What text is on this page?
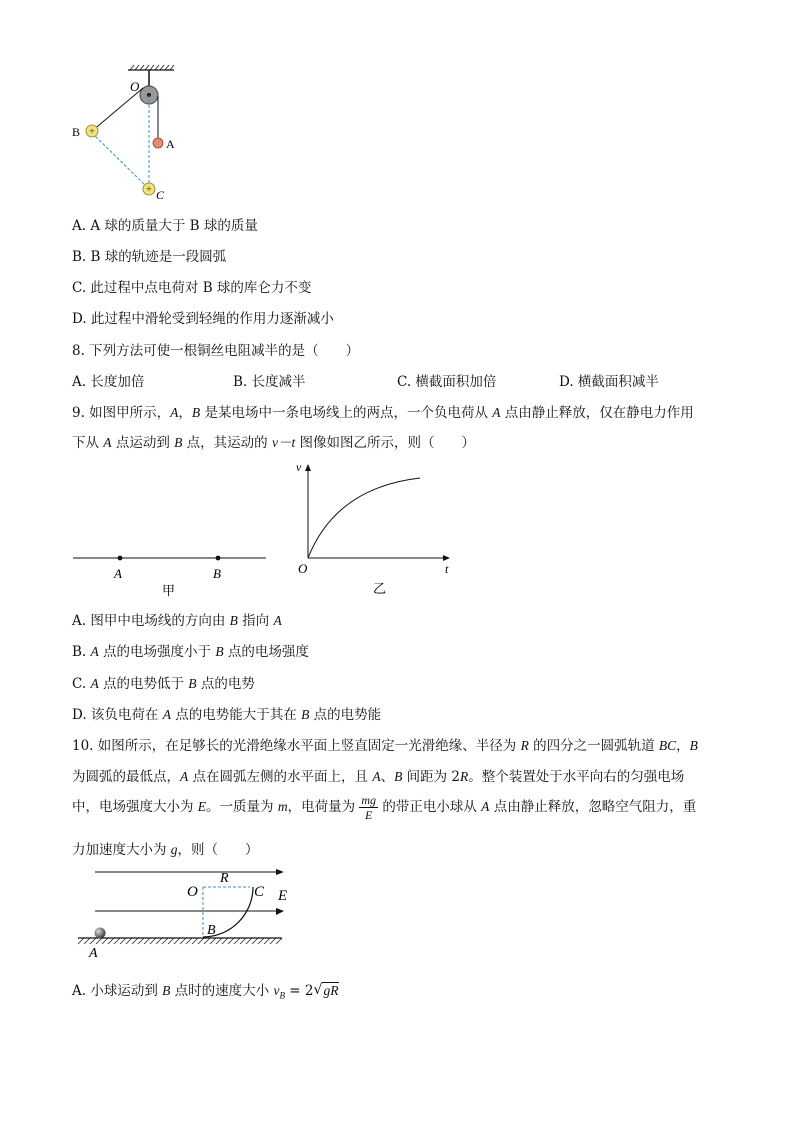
+
+
O
B
A
C
A. A 球的质量大于 B 球的质量
B. B 球的轨迹是一段圆弧
C. 此过程中点电荷对 B 球的库仑力不变
D. 此过程中滑轮受到轻绳的作用力逐渐减小
8. 下列方法可使一根铜丝电阻减半的是（　　）
A. 长度加倍	B. 长度减半	C. 横截面积加倍	D. 横截面积减半
9. 如图甲所示，A，B 是某电场中一条电场线上的两点，一个负电荷从 A 点由静止释放，仅在静电力作用
下从 A 点运动到 B 点，其运动的 v－t 图像如图乙所示，则（　　）
A	B
甲
v
t
O
乙
A. 图甲中电场线的方向由 B 指向 A
B. A 点的电场强度小于 B 点的电场强度
C. A 点的电势低于 B 点的电势
D. 该负电荷在 A 点的电势能大于其在 B 点的电势能
10. 如图所示，在足够长的光滑绝缘水平面上竖直固定一光滑绝缘、半径为 R 的四分之一圆弧轨道 BC，B
为圆弧的最低点，A 点在圆弧左侧的水平面上，且 A、B 间距为 2R。整个装置处于水平向右的匀强电场
中，电场强度大小为 E。一质量为 m，电荷量为 $\frac{mg}{E}$ 的带正电小球从 A 点由静止释放，忽略空气阻力，重
力加速度大小为 g，则（　　）
O
R
C E
B
A
A. 小球运动到 B 点时的速度大小 $v_B = 2$ √ gR
